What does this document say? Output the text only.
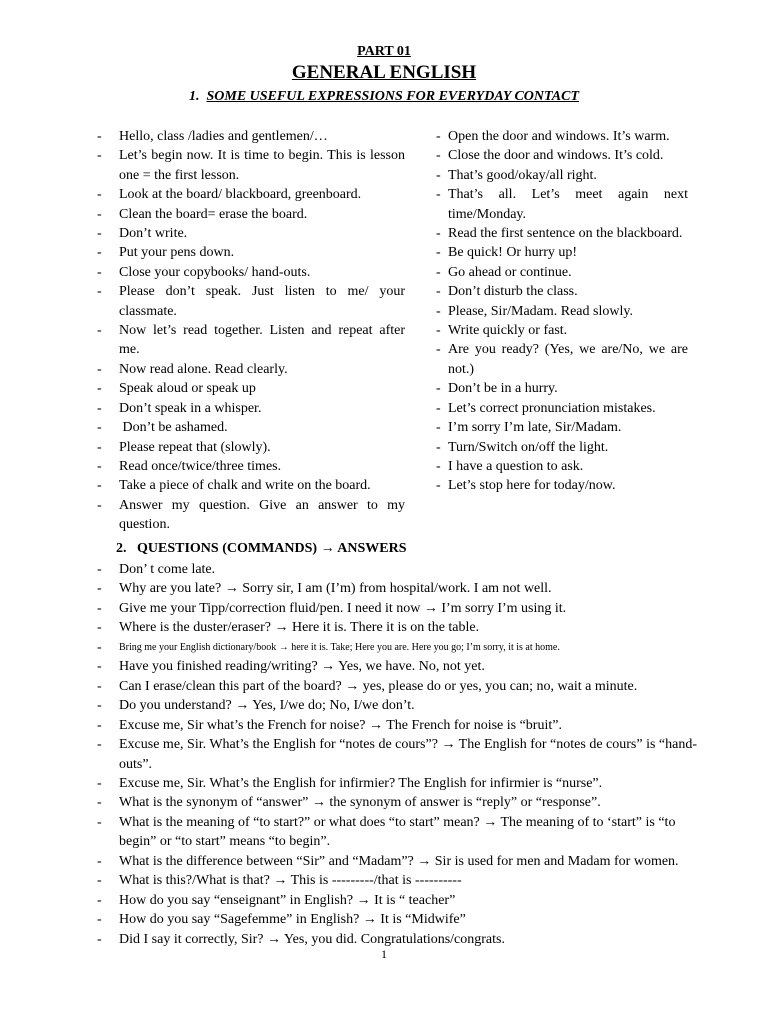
PART 01
GENERAL ENGLISH
1. SOME USEFUL EXPRESSIONS FOR EVERYDAY CONTACT
-	Hello, class /ladies and gentlemen/…
-	Let’s begin now. It is time to begin. This is lesson one = the first lesson.
-	Look at the board/ blackboard, greenboard.
-	Clean the board= erase the board.
-	Don’t write.
-	Put your pens down.
-	Close your copybooks/ hand-outs.
-	Please don’t speak. Just listen to me/ your classmate.
-	Now let’s read together. Listen and repeat after me.
-	Now read alone. Read clearly.
-	Speak aloud or speak up
-	Don’t speak in a whisper.
-	Don’t be ashamed.
-	Please repeat that (slowly).
-	Read once/twice/three times.
-	Take a piece of chalk and write on the board.
-	Answer my question. Give an answer to my question.
- Open the door and windows. It’s warm.
- Close the door and windows. It’s cold.
- That’s good/okay/all right.
- That’s all. Let’s meet again next time/Monday.
- Read the first sentence on the blackboard.
- Be quick! Or hurry up!
- Go ahead or continue.
- Don’t disturb the class.
- Please, Sir/Madam. Read slowly.
- Write quickly or fast.
- Are you ready? (Yes, we are/No, we are not.)
- Don’t be in a hurry.
- Let’s correct pronunciation mistakes.
- I’m sorry I’m late, Sir/Madam.
- Turn/Switch on/off the light.
- I have a question to ask.
- Let’s stop here for today/now.
2. QUESTIONS (COMMANDS) → ANSWERS
-	Don’ t come late.
-	Why are you late? → Sorry sir, I am (I’m) from hospital/work. I am not well.
-	Give me your Tipp/correction fluid/pen. I need it now → I’m sorry I’m using it.
-	Where is the duster/eraser? → Here it is. There it is on the table.
-	Bring me your English dictionary/book → here it is. Take; Here you are. Here you go; I’m sorry, it is at home.
-	Have you finished reading/writing? → Yes, we have. No, not yet.
-	Can I erase/clean this part of the board? → yes, please do or yes, you can; no, wait a minute.
-	Do you understand? → Yes, I/we do; No, I/we don’t.
-	Excuse me, Sir what’s the French for noise? → The French for noise is “bruit”.
-	Excuse me, Sir. What’s the English for “notes de cours”? → The English for “notes de cours” is “hand-outs”.
-	Excuse me, Sir. What’s the English for infirmier? The English for infirmier is “nurse”.
-	What is the synonym of “answer” → the synonym of answer is “reply” or “response”.
-	What is the meaning of “to start?” or what does “to start” mean? → The meaning of to ‘start” is “to begin” or “to start” means “to begin”.
-	What is the difference between “Sir” and “Madam”? → Sir is used for men and Madam for women.
-	What is this?/What is that? → This is ---------/that is ----------
-	How do you say “enseignant” in English? → It is “ teacher”
-	How do you say “Sagefemme” in English? → It is “Midwife”
-	Did I say it correctly, Sir? → Yes, you did. Congratulations/congrats.
1
